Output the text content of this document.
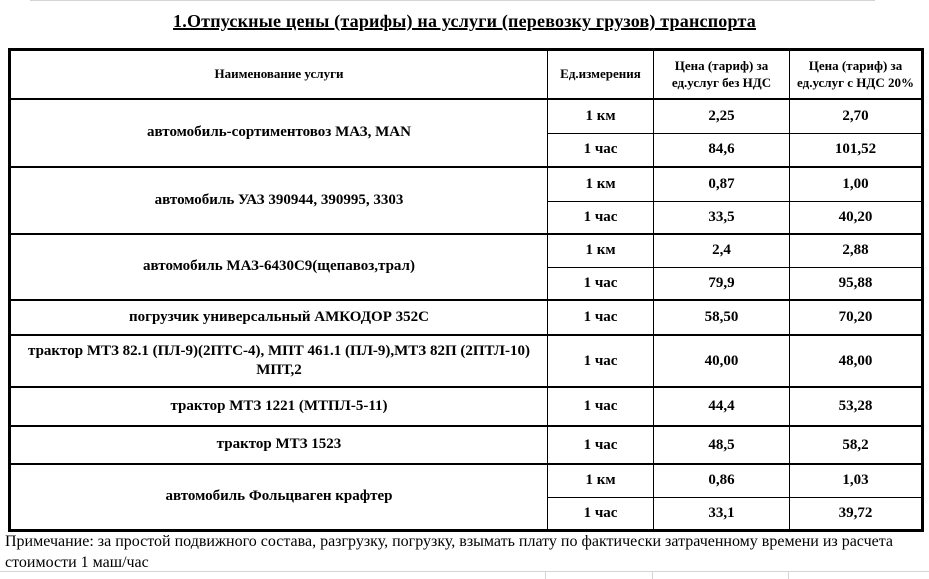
1.Отпускные цены (тарифы) на услуги (перевозку грузов) транспорта
Наименование услуги	Ед.измерения	Цена (тариф) за ед.услуг без НДС	Цена (тариф) за ед.услуг с НДС 20%
автомобиль-сортиментовоз МАЗ, MAN	1 км	2,25	2,70
	1 час	84,6	101,52
автомобиль УАЗ 390944, 390995, 3303	1 км	0,87	1,00
	1 час	33,5	40,20
автомобиль МАЗ-6430С9(щепавоз,трал)	1 км	2,4	2,88
	1 час	79,9	95,88
погрузчик универсальный АМКОДОР 352С	1 час	58,50	70,20
трактор МТЗ 82.1 (ПЛ-9)(2ПТС-4), МПТ 461.1 (ПЛ-9),МТЗ 82П (2ПТЛ-10) МПТ,2	1 час	40,00	48,00
трактор МТЗ 1221 (МТПЛ-5-11)	1 час	44,4	53,28
трактор МТЗ 1523	1 час	48,5	58,2
автомобиль Фольцваген крафтер	1 км	0,86	1,03
	1 час	33,1	39,72
Примечание: за простой подвижного состава, разгрузку, погрузку, взымать плату по фактически затраченному времени из расчета стоимости 1 маш/час
